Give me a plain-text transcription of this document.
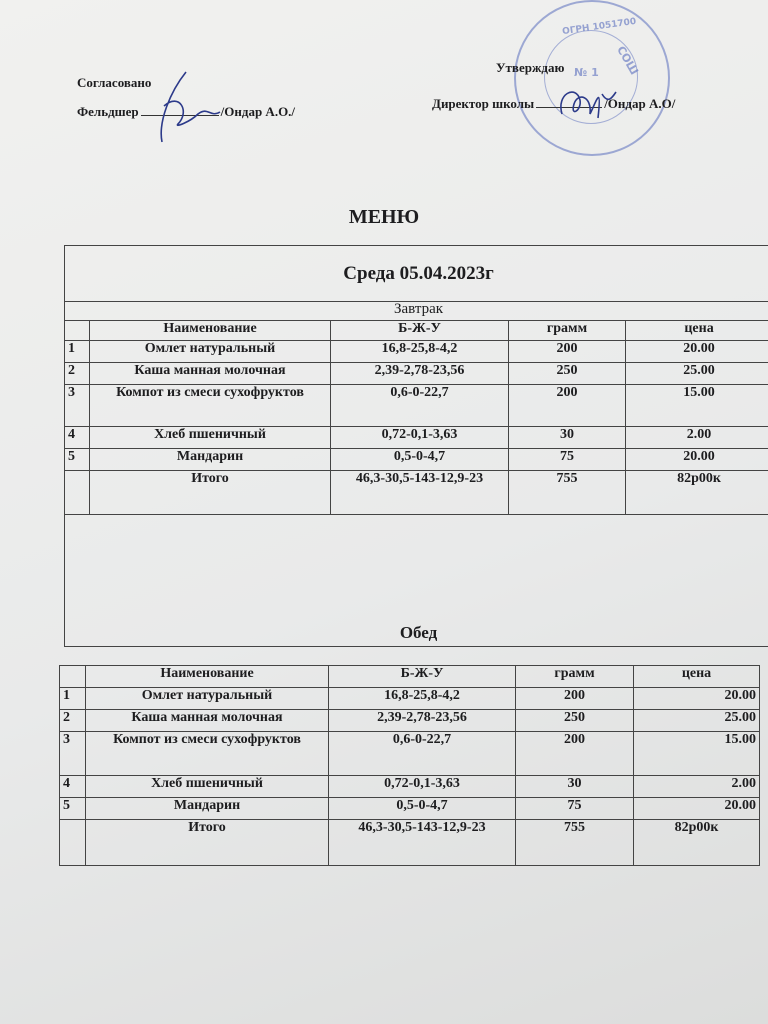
Согласовано
Фельдшер	/Ондар А.О./
№ 1 СОШ
ОГРН 1051700
Утверждаю
Директор школы	/Ондар А.О/
МЕНЮ
Среда 05.04.2023г				
Завтрак				
	Наименование	Б-Ж-У	грамм	цена
1	Омлет натуральный	16,8-25,8-4,2	200	20.00
2	Каша манная молочная	2,39-2,78-23,56	250	25.00
3	Компот из смеси сухофруктов	0,6-0-22,7	200	15.00
4	Хлеб пшеничный	0,72-0,1-3,63	30	2.00
5	Мандарин	0,5-0-4,7	75	20.00
	Итого	46,3-30,5-143-12,9-23	755	82р00к
Обед				
	Наименование	Б-Ж-У	грамм	цена
1	Омлет натуральный	16,8-25,8-4,2	200	20.00
2	Каша манная молочная	2,39-2,78-23,56	250	25.00
3	Компот из смеси сухофруктов	0,6-0-22,7	200	15.00
4	Хлеб пшеничный	0,72-0,1-3,63	30	2.00
5	Мандарин	0,5-0-4,7	75	20.00
	Итого	46,3-30,5-143-12,9-23	755	82р00к
